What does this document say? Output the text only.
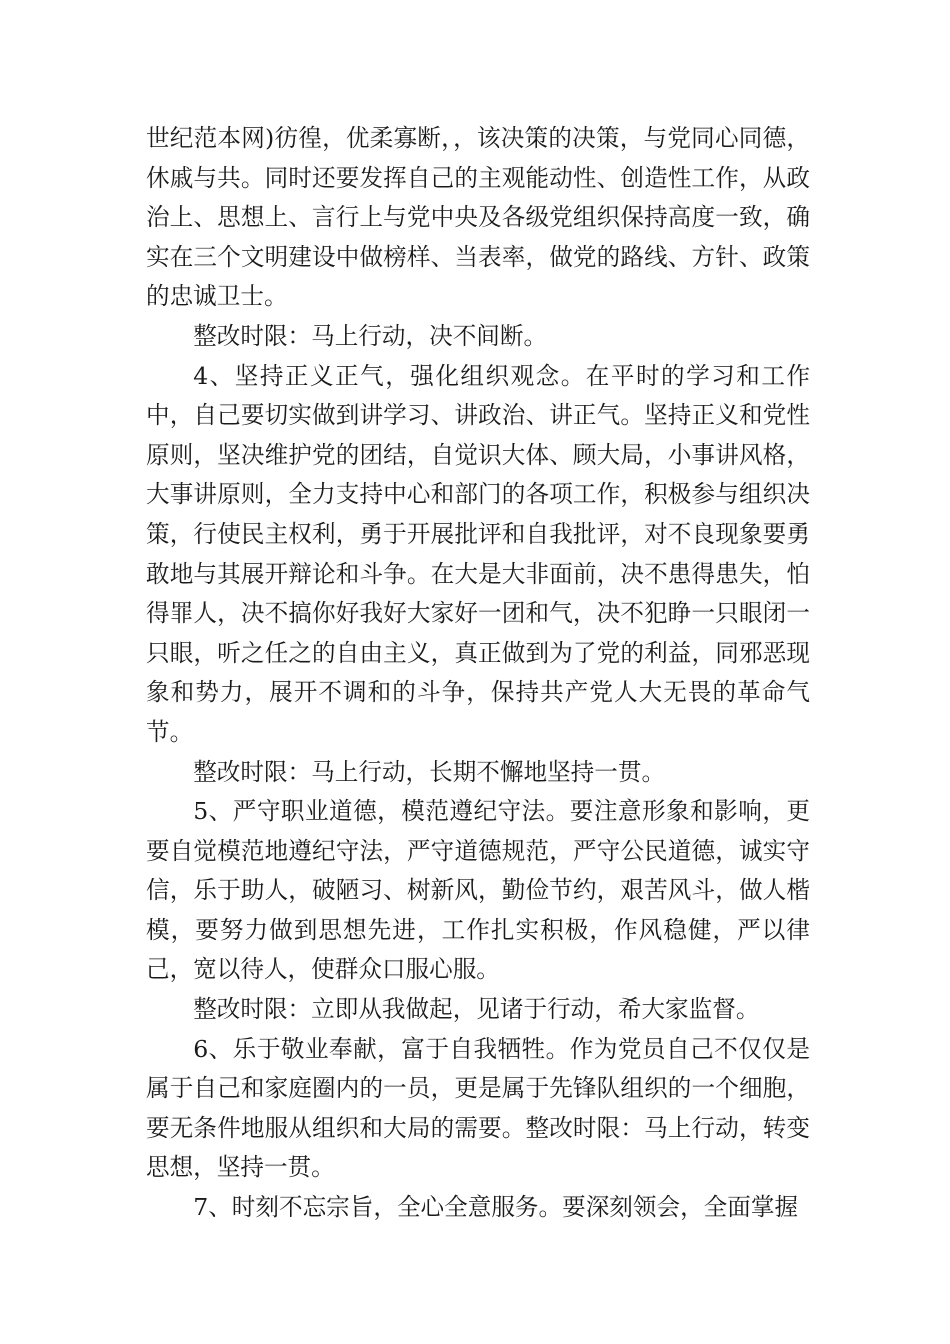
世纪范本网)彷徨，优柔寡断，，该决策的决策，与党同心同德，休戚与共。同时还要发挥自己的主观能动性、创造性工作，从政治上、思想上、言行上与党中央及各级党组织保持高度一致，确实在三个文明建设中做榜样、当表率，做党的路线、方针、政策的忠诚卫士。

整改时限：马上行动，决不间断。

4、坚持正义正气，强化组织观念。在平时的学习和工作中，自己要切实做到讲学习、讲政治、讲正气。坚持正义和党性原则，坚决维护党的团结，自觉识大体、顾大局，小事讲风格，大事讲原则，全力支持中心和部门的各项工作，积极参与组织决策，行使民主权利，勇于开展批评和自我批评，对不良现象要勇敢地与其展开辩论和斗争。在大是大非面前，决不患得患失，怕得罪人，决不搞你好我好大家好一团和气，决不犯睁一只眼闭一只眼，听之任之的自由主义，真正做到为了党的利益，同邪恶现象和势力，展开不调和的斗争，保持共产党人大无畏的革命气节。

整改时限：马上行动，长期不懈地坚持一贯。

5、严守职业道德，模范遵纪守法。要注意形象和影响，更要自觉模范地遵纪守法，严守道德规范，严守公民道德，诚实守信，乐于助人，破陋习、树新风，勤俭节约，艰苦风斗，做人楷模，要努力做到思想先进，工作扎实积极，作风稳健，严以律己，宽以待人，使群众口服心服。

整改时限：立即从我做起，见诸于行动，希大家监督。

6、乐于敬业奉献，富于自我牺牲。作为党员自己不仅仅是属于自己和家庭圈内的一员，更是属于先锋队组织的一个细胞，要无条件地服从组织和大局的需要。整改时限：马上行动，转变思想，坚持一贯。

7、时刻不忘宗旨，全心全意服务。要深刻领会，全面掌握
